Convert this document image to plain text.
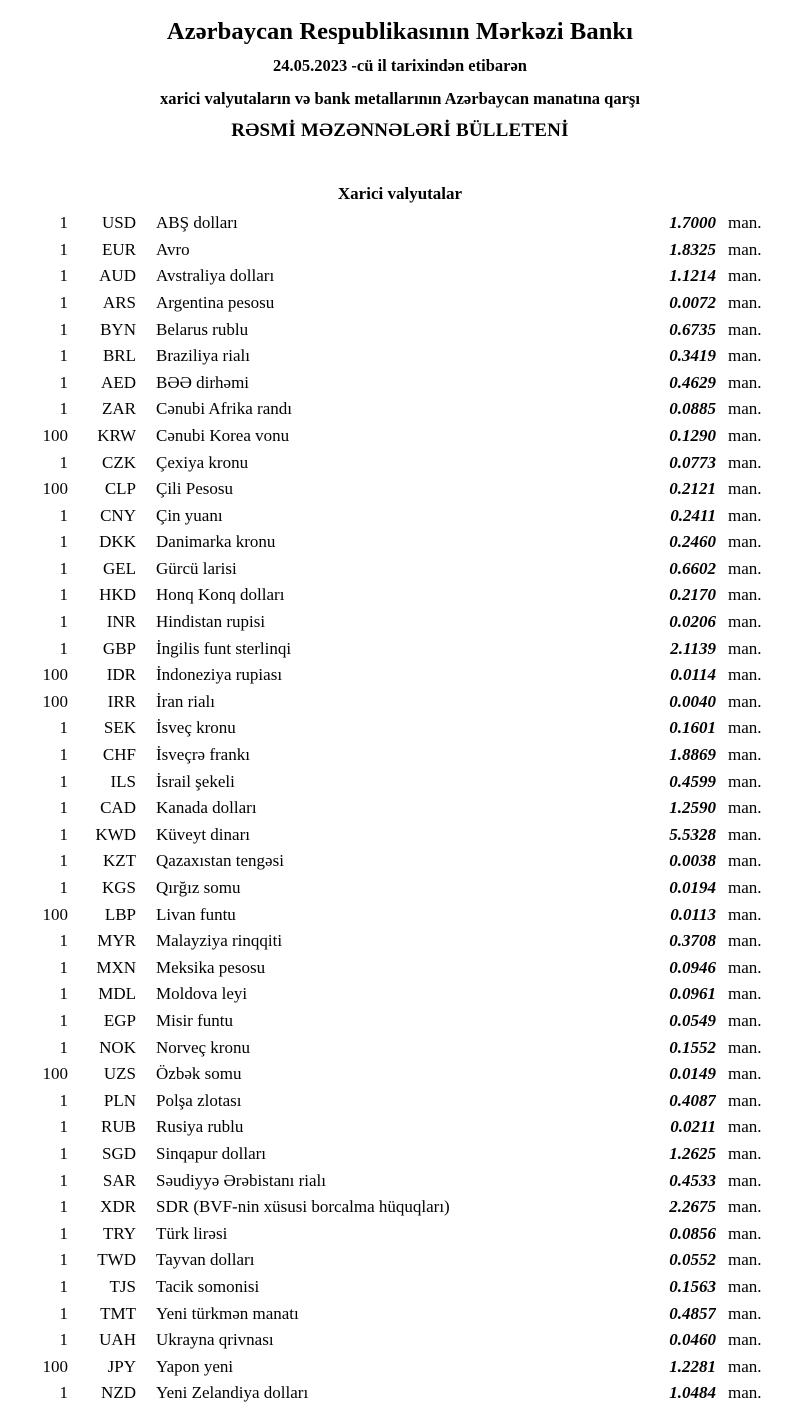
Azərbaycan Respublikasının Mərkəzi Bankı
24.05.2023 -cü il tarixindən etibarən
xarici valyutaların və bank metallarının Azərbaycan manatına qarşı
RƏSMİ MƏZƏNNƏLƏRİ BÜLLETENİ
Xarici valyutalar
1	USD	ABŞ dolları	1.7000	man.
1	EUR	Avro	1.8325	man.
1	AUD	Avstraliya dolları	1.1214	man.
1	ARS	Argentina pesosu	0.0072	man.
1	BYN	Belarus rublu	0.6735	man.
1	BRL	Braziliya rialı	0.3419	man.
1	AED	BƏƏ dirhəmi	0.4629	man.
1	ZAR	Cənubi Afrika randı	0.0885	man.
100	KRW	Cənubi Korea vonu	0.1290	man.
1	CZK	Çexiya kronu	0.0773	man.
100	CLP	Çili Pesosu	0.2121	man.
1	CNY	Çin yuanı	0.2411	man.
1	DKK	Danimarka kronu	0.2460	man.
1	GEL	Gürcü larisi	0.6602	man.
1	HKD	Honq Konq dolları	0.2170	man.
1	INR	Hindistan rupisi	0.0206	man.
1	GBP	İngilis funt sterlinqi	2.1139	man.
100	IDR	İndoneziya rupiası	0.0114	man.
100	IRR	İran rialı	0.0040	man.
1	SEK	İsveç kronu	0.1601	man.
1	CHF	İsveçrə frankı	1.8869	man.
1	ILS	İsrail şekeli	0.4599	man.
1	CAD	Kanada dolları	1.2590	man.
1	KWD	Küveyt dinarı	5.5328	man.
1	KZT	Qazaxıstan tengəsi	0.0038	man.
1	KGS	Qırğız somu	0.0194	man.
100	LBP	Livan funtu	0.0113	man.
1	MYR	Malayziya rinqqiti	0.3708	man.
1	MXN	Meksika pesosu	0.0946	man.
1	MDL	Moldova leyi	0.0961	man.
1	EGP	Misir funtu	0.0549	man.
1	NOK	Norveç kronu	0.1552	man.
100	UZS	Özbək somu	0.0149	man.
1	PLN	Polşa zlotası	0.4087	man.
1	RUB	Rusiya rublu	0.0211	man.
1	SGD	Sinqapur dolları	1.2625	man.
1	SAR	Səudiyyə Ərəbistanı rialı	0.4533	man.
1	XDR	SDR (BVF-nin xüsusi borcalma hüquqları)	2.2675	man.
1	TRY	Türk lirəsi	0.0856	man.
1	TWD	Tayvan dolları	0.0552	man.
1	TJS	Tacik somonisi	0.1563	man.
1	TMT	Yeni türkmən manatı	0.4857	man.
1	UAH	Ukrayna qrivnası	0.0460	man.
100	JPY	Yapon yeni	1.2281	man.
1	NZD	Yeni Zelandiya dolları	1.0484	man.
